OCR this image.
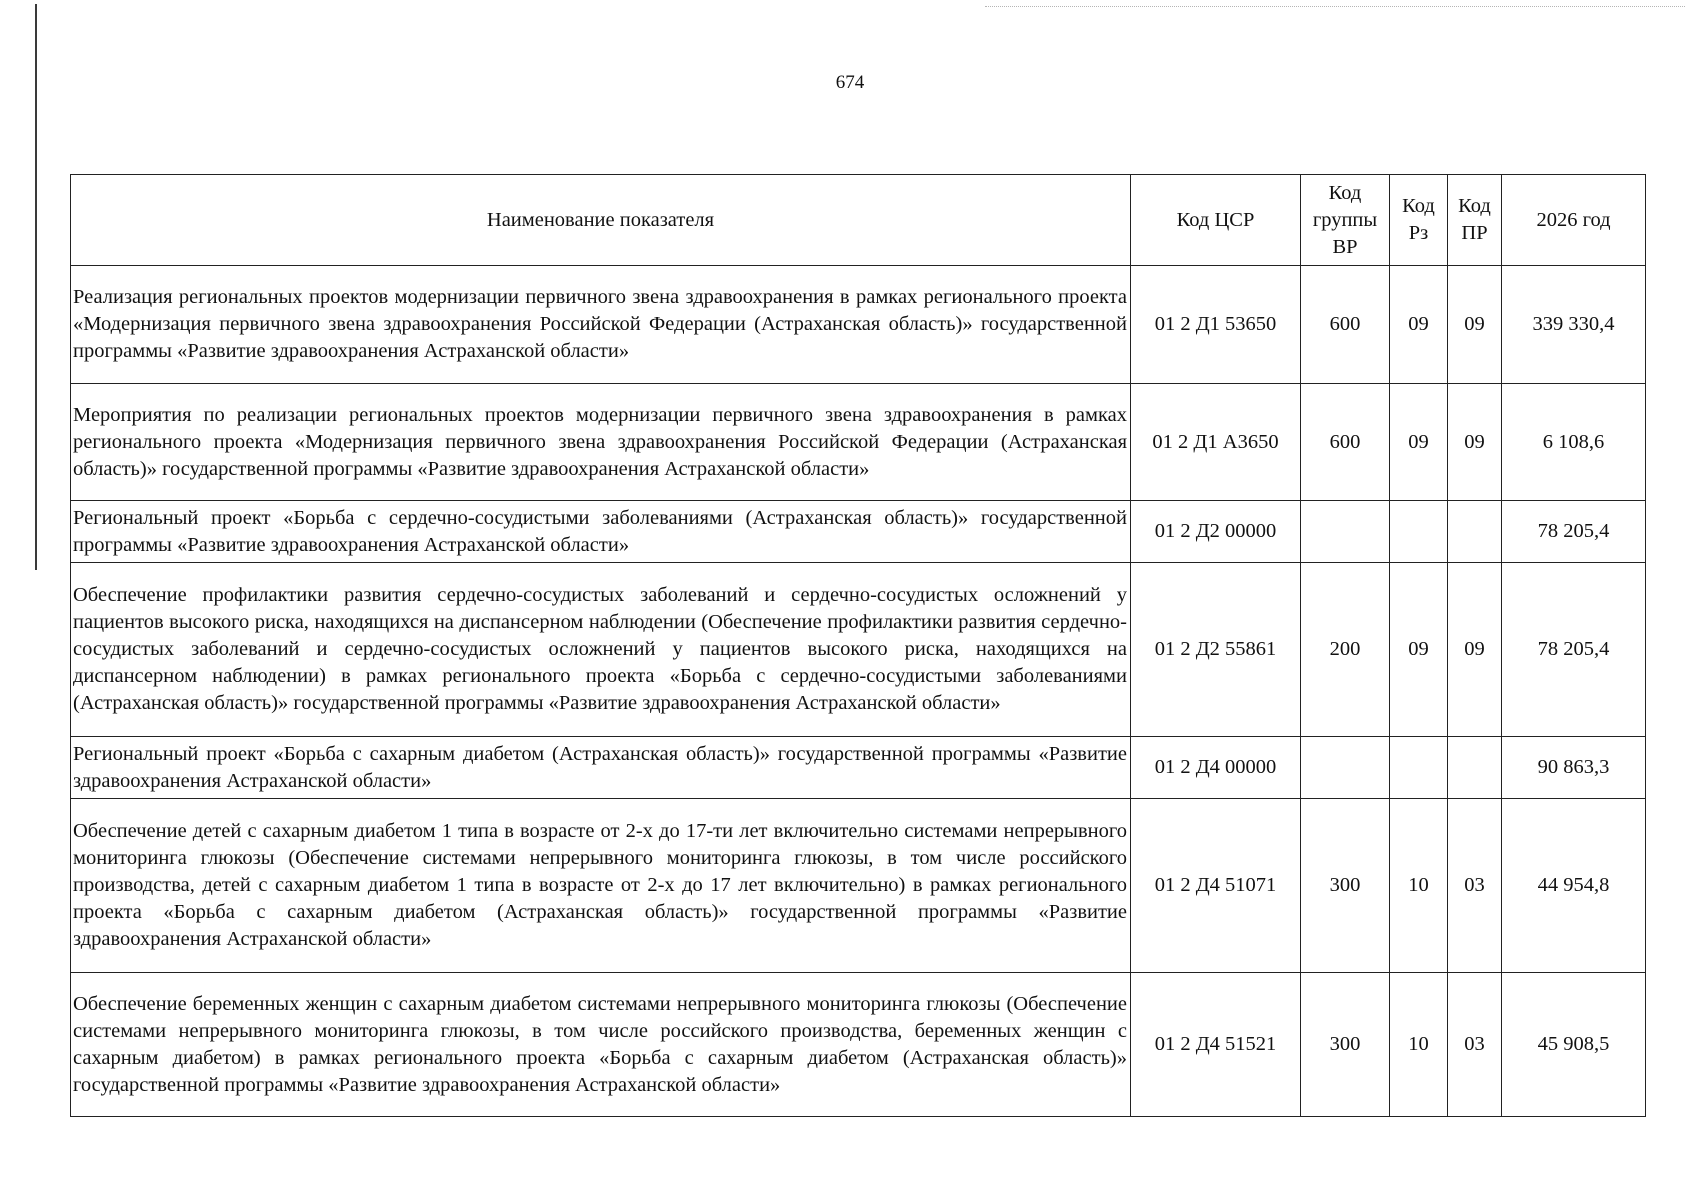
674
Наименование показателя	Код ЦСР	Код группы ВР	Код Рз	Код ПР	2026 год
Реализация региональных проектов модернизации первичного звена здравоохранения в рамках регионального проекта «Модернизация первичного звена здравоохранения Российской Федерации (Астраханская область)» государственной программы «Развитие здравоохранения Астраханской области»	01 2 Д1 53650	600	09	09	339 330,4
Мероприятия по реализации региональных проектов модернизации первичного звена здравоохранения в рамках регионального проекта «Модернизация первичного звена здравоохранения Российской Федерации (Астраханская область)» государственной программы «Развитие здравоохранения Астраханской области»	01 2 Д1 А3650	600	09	09	6 108,6
Региональный проект «Борьба с сердечно-сосудистыми заболеваниями (Астраханская область)» государственной программы «Развитие здравоохранения Астраханской области»	01 2 Д2 00000				78 205,4
Обеспечение профилактики развития сердечно-сосудистых заболеваний и сердечно-сосудистых осложнений у пациентов высокого риска, находящихся на диспансерном наблюдении (Обеспечение профилактики развития сердечно-сосудистых заболеваний и сердечно-сосудистых осложнений у пациентов высокого риска, находящихся на диспансерном наблюдении) в рамках регионального проекта «Борьба с сердечно-сосудистыми заболеваниями (Астраханская область)» государственной программы «Развитие здравоохранения Астраханской области»	01 2 Д2 55861	200	09	09	78 205,4
Региональный проект «Борьба с сахарным диабетом (Астраханская область)» государственной программы «Развитие здравоохранения Астраханской области»	01 2 Д4 00000				90 863,3
Обеспечение детей с сахарным диабетом 1 типа в возрасте от 2-х до 17-ти лет включительно системами непрерывного мониторинга глюкозы (Обеспечение системами непрерывного мониторинга глюкозы, в том числе российского производства, детей с сахарным диабетом 1 типа в возрасте от 2-х до 17 лет включительно) в рамках регионального проекта «Борьба с сахарным диабетом (Астраханская область)» государственной программы «Развитие здравоохранения Астраханской области»	01 2 Д4 51071	300	10	03	44 954,8
Обеспечение беременных женщин с сахарным диабетом системами непрерывного мониторинга глюкозы (Обеспечение системами непрерывного мониторинга глюкозы, в том числе российского производства, беременных женщин с сахарным диабетом) в рамках регионального проекта «Борьба с сахарным диабетом (Астраханская область)» государственной программы «Развитие здравоохранения Астраханской области»	01 2 Д4 51521	300	10	03	45 908,5
